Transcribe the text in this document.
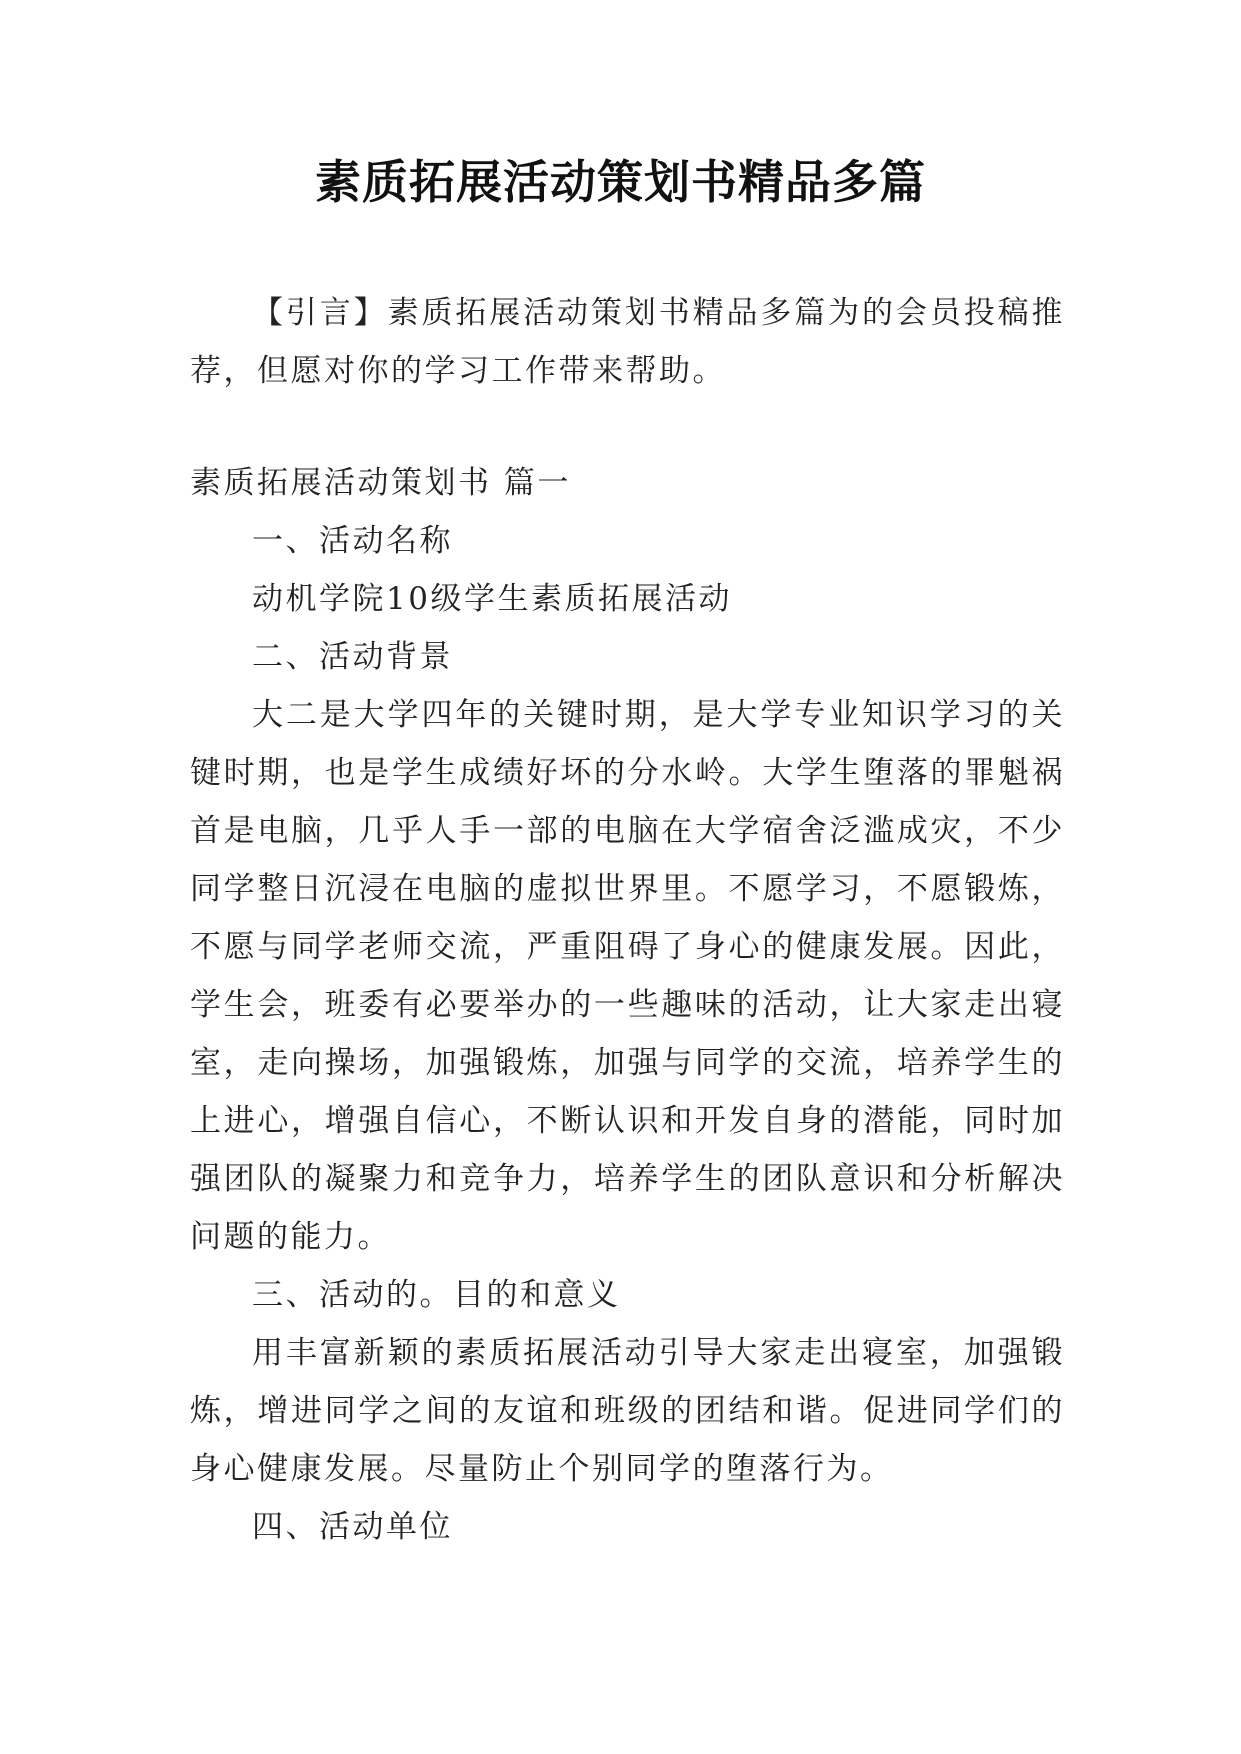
素质拓展活动策划书精品多篇

【引言】素质拓展活动策划书精品多篇为的会员投稿推荐，但愿对你的学习工作带来帮助。

素质拓展活动策划书 篇一

一、活动名称

动机学院10级学生素质拓展活动

二、活动背景

大二是大学四年的关键时期，是大学专业知识学习的关键时期，也是学生成绩好坏的分水岭。大学生堕落的罪魁祸首是电脑，几乎人手一部的电脑在大学宿舍泛滥成灾，不少同学整日沉浸在电脑的虚拟世界里。不愿学习，不愿锻炼，不愿与同学老师交流，严重阻碍了身心的健康发展。因此，学生会，班委有必要举办的一些趣味的活动，让大家走出寝室，走向操场，加强锻炼，加强与同学的交流，培养学生的上进心，增强自信心，不断认识和开发自身的潜能，同时加强团队的凝聚力和竞争力，培养学生的团队意识和分析解决问题的能力。

三、活动的。目的和意义

用丰富新颖的素质拓展活动引导大家走出寝室，加强锻炼，增进同学之间的友谊和班级的团结和谐。促进同学们的身心健康发展。尽量防止个别同学的堕落行为。

四、活动单位
